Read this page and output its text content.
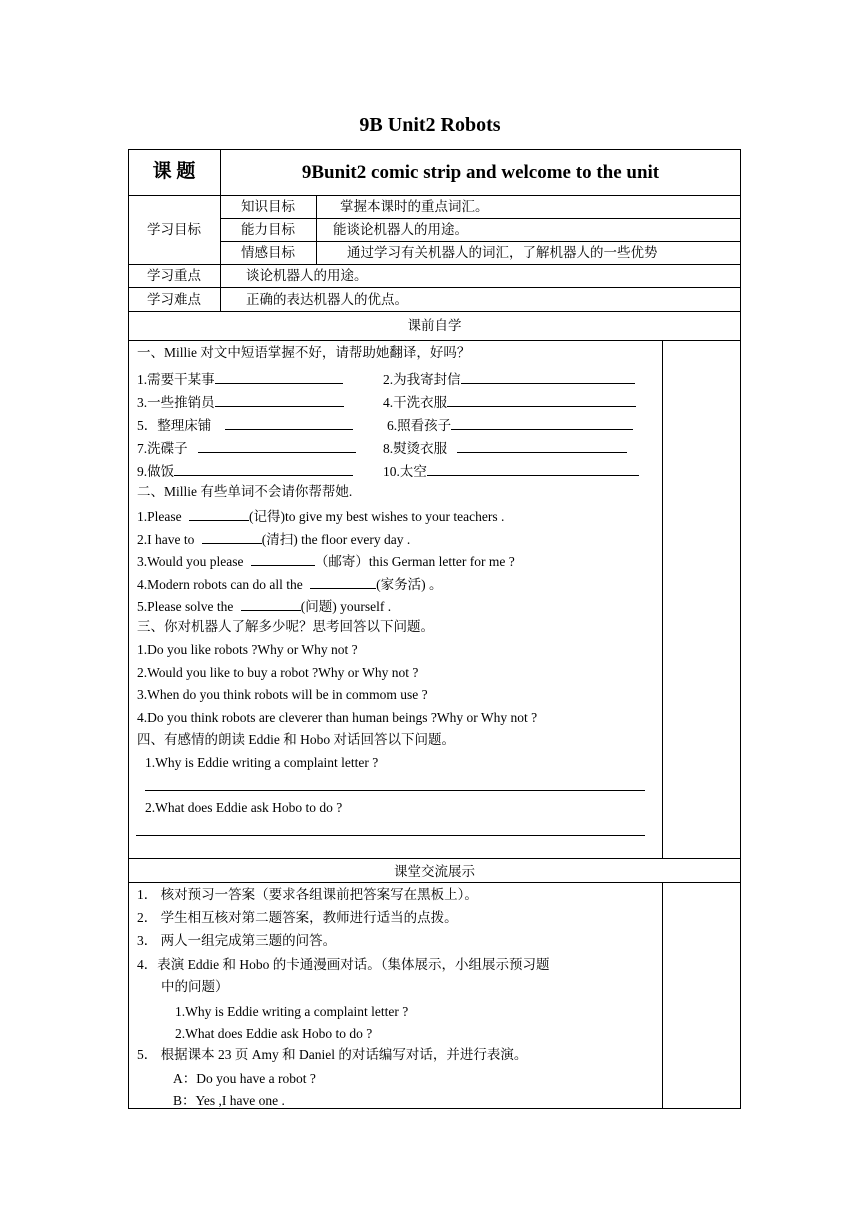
9B Unit2 Robots
课 题	9Bunit2 comic strip and welcome to the unit
学习目标
知识目标	掌握本课时的重点词汇。
能力目标	能谈论机器人的用途。
情感目标	通过学习有关机器人的词汇，了解机器人的一些优势
学习重点	谈论机器人的用途。
学习难点	正确的表达机器人的优点。
课前自学
一、Millie 对文中短语掌握不好，请帮助她翻译，好吗？
1.需要干某事	2.为我寄封信
3.一些推销员	4.干洗衣服
5．整理床铺	6.照看孩子
7.洗碟子	8.熨烫衣服
9.做饭	10.太空
二、Millie 有些单词不会请你帮帮她.
1.Please	(记得)to give my best wishes to your teachers .
2.I have to	(清扫) the floor every day .
3.Would you please	（邮寄）this German letter for me ?
4.Modern robots can do all the	(家务活) 。
5.Please solve the	(问题) yourself .
三、你对机器人了解多少呢？思考回答以下问题。
1.Do you like robots ?Why or Why not ?
2.Would you like to buy a robot ?Why or Why not ?
3.When do you think robots will be in commom use ?
4.Do you think robots are cleverer than human beings ?Why or Why not ?
四、有感情的朗读 Eddie 和 Hobo 对话回答以下问题。
1.Why is Eddie writing a complaint letter ?
2.What does Eddie ask Hobo to do ?
课堂交流展示
1． 核对预习一答案（要求各组课前把答案写在黑板上）。
2． 学生相互核对第二题答案，教师进行适当的点拨。
3． 两人一组完成第三题的问答。
4．表演 Eddie 和 Hobo 的卡通漫画对话。（集体展示，小组展示预习题
中的问题）
1.Why is Eddie writing a complaint letter ?
2.What does Eddie ask Hobo to do ?
5． 根据课本 23 页 Amy 和 Daniel 的对话编写对话，并进行表演。
A：Do you have a robot ?
B：Yes ,I have one .
